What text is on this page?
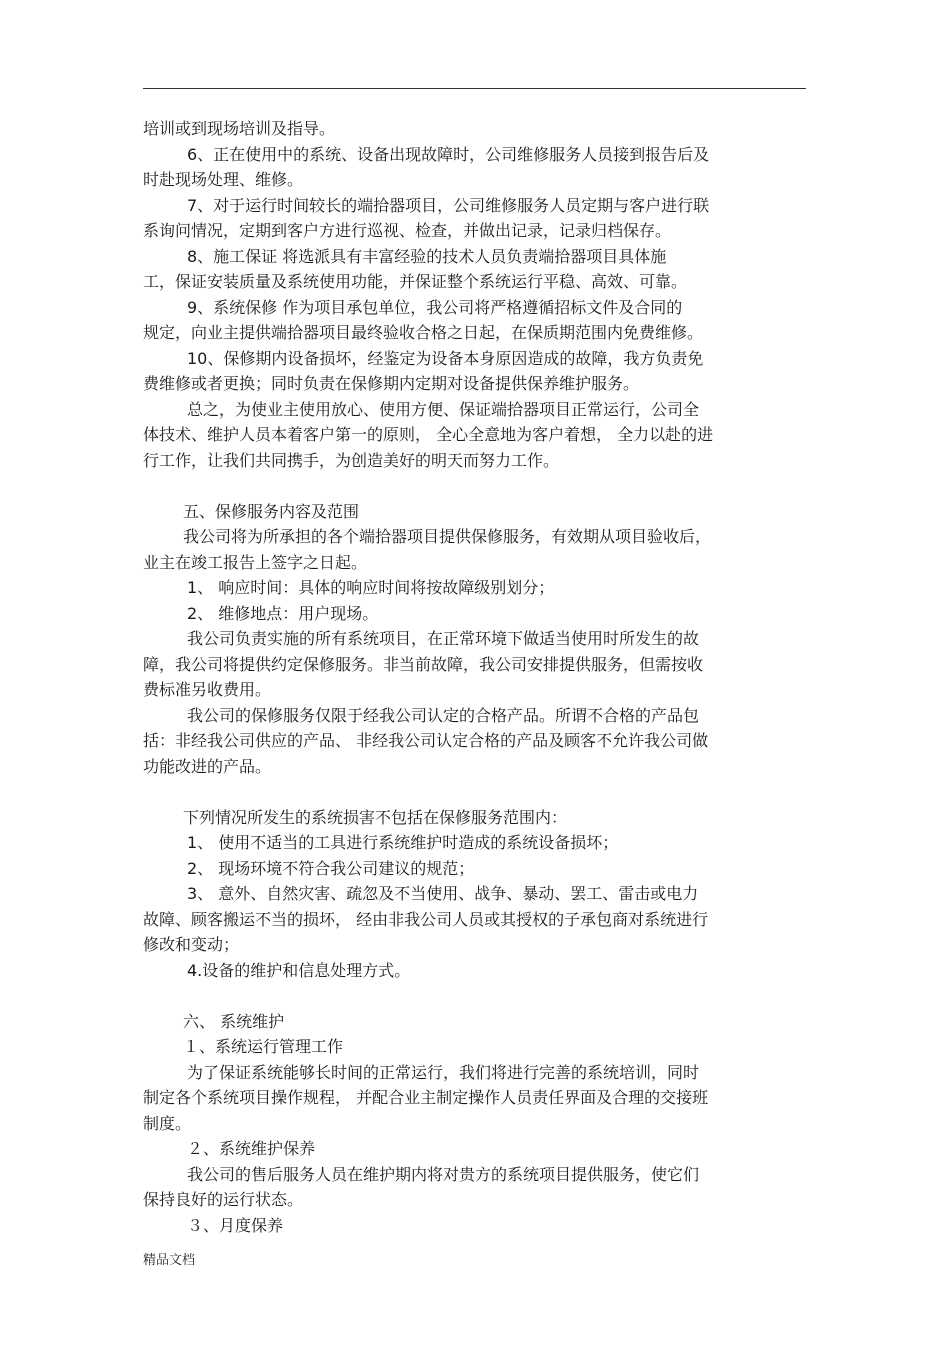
培训或到现场培训及指导。
6、正在使用中的系统、设备出现故障时，公司维修服务人员接到报告后及
时赴现场处理、维修。
7、对于运行时间较长的端拾器项目，公司维修服务人员定期与客户进行联
系询问情况，定期到客户方进行巡视、检查，并做出记录，记录归档保存。
8、施工保证 将选派具有丰富经验的技术人员负责端拾器项目具体施
工，保证安装质量及系统使用功能，并保证整个系统运行平稳、高效、可靠。
9、系统保修 作为项目承包单位，我公司将严格遵循招标文件及合同的
规定，向业主提供端拾器项目最终验收合格之日起，在保质期范围内免费维修。
10、保修期内设备损坏，经鉴定为设备本身原因造成的故障，我方负责免
费维修或者更换；同时负责在保修期内定期对设备提供保养维护服务。
总之，为使业主使用放心、使用方便、保证端拾器项目正常运行，公司全
体技术、维护人员本着客户第一的原则， 全心全意地为客户着想， 全力以赴的进
行工作，让我们共同携手，为创造美好的明天而努力工作。
五、保修服务内容及范围
我公司将为所承担的各个端拾器项目提供保修服务，有效期从项目验收后，
业主在竣工报告上签字之日起。
1、 响应时间：具体的响应时间将按故障级别划分；
2、 维修地点：用户现场。
我公司负责实施的所有系统项目，在正常环境下做适当使用时所发生的故
障，我公司将提供约定保修服务。非当前故障，我公司安排提供服务，但需按收
费标准另收费用。
我公司的保修服务仅限于经我公司认定的合格产品。所谓不合格的产品包
括：非经我公司供应的产品、 非经我公司认定合格的产品及顾客不允许我公司做
功能改进的产品。
下列情况所发生的系统损害不包括在保修服务范围内：
1、 使用不适当的工具进行系统维护时造成的系统设备损坏；
2、 现场环境不符合我公司建议的规范；
3、 意外、自然灾害、疏忽及不当使用、战争、暴动、罢工、雷击或电力
故障、顾客搬运不当的损坏， 经由非我公司人员或其授权的子承包商对系统进行
修改和变动；
4.设备的维护和信息处理方式。
六、 系统维护
１、系统运行管理工作
为了保证系统能够长时间的正常运行，我们将进行完善的系统培训，同时
制定各个系统项目操作规程， 并配合业主制定操作人员责任界面及合理的交接班
制度。
２、系统维护保养
我公司的售后服务人员在维护期内将对贵方的系统项目提供服务，使它们
保持良好的运行状态。
３、月度保养
精品文档
